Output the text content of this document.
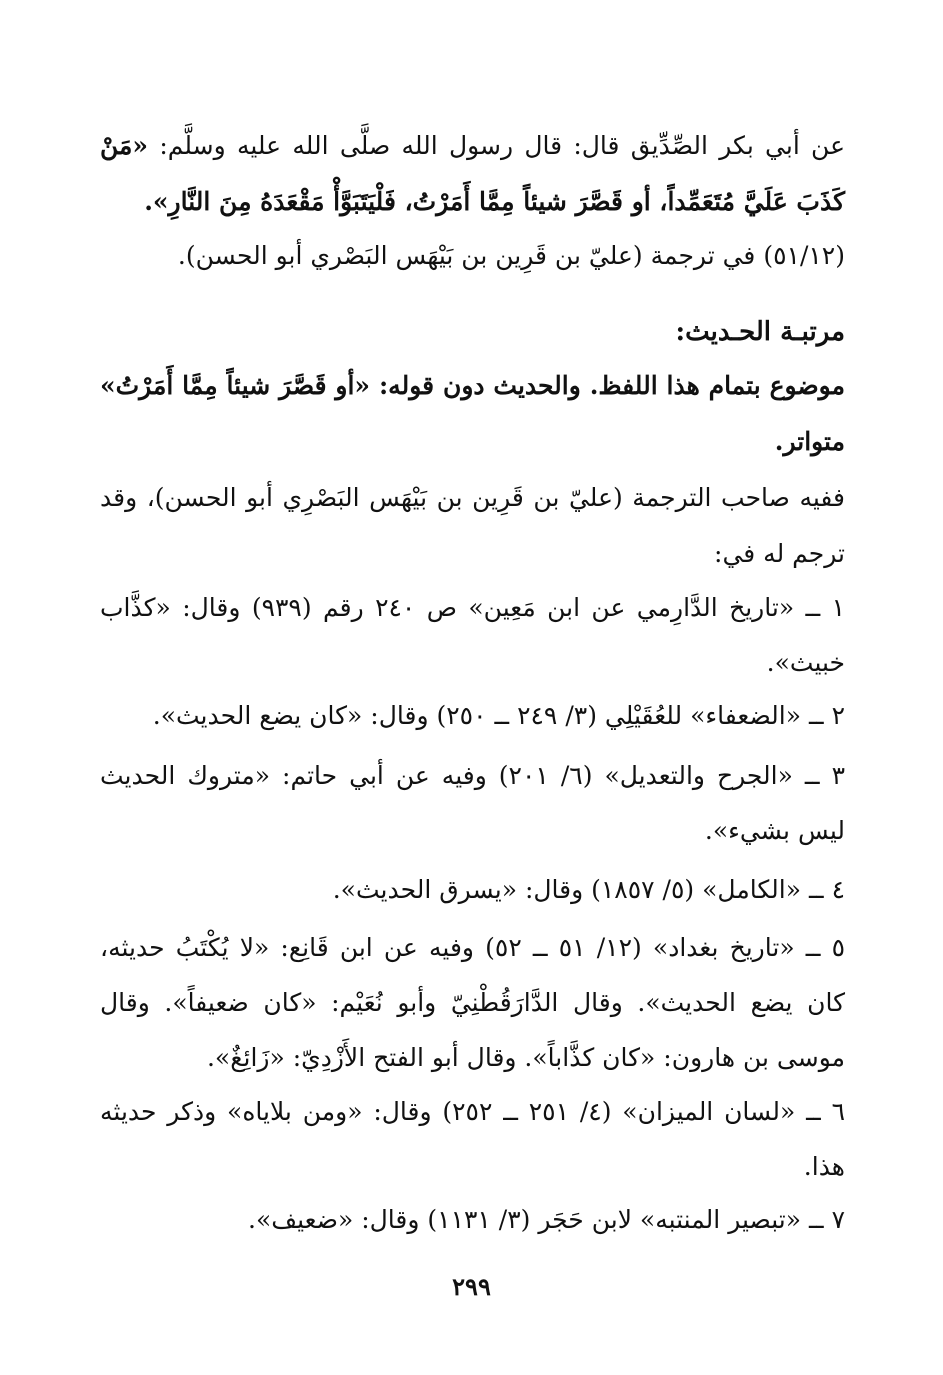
عن أبي بكر الصِّدِّيق قال: قال رسول الله صلَّى الله عليه وسلَّم: «مَنْ كَذَبَ عَلَيَّ مُتَعَمِّداً، أو قَصَّرَ شيئاً مِمَّا أَمَرْتُ، فَلْيَتَبَوَّأْ مَقْعَدَهُ مِنَ النَّارِ».
(٥١/١٢) في ترجمة (عليّ بن قَرِين بن بَيْهَس البَصْري أبو الحسن).
مرتبـة الحـديث:
موضوع بتمام هذا اللفظ. والحديث دون قوله: «أو قَصَّرَ شيئاً مِمَّا أَمَرْتُ» متواتر.
ففيه صاحب الترجمة (عليّ بن قَرِين بن بَيْهَس البَصْرِي أبو الحسن)، وقد ترجم له في:
١ ــ «تاريخ الدَّارِمي عن ابن مَعِين» ص ٢٤٠ رقم (٩٣٩) وقال: «كذَّاب خبيث».
٢ ــ «الضعفاء» للعُقَيْلِي (٣/ ٢٤٩ ــ ٢٥٠) وقال: «كان يضع الحديث».
٣ ــ «الجرح والتعديل» (٦/ ٢٠١) وفيه عن أبي حاتم: «متروك الحديث ليس بشيء».
٤ ــ «الكامل» (٥/ ١٨٥٧) وقال: «يسرق الحديث».
٥ ــ «تاريخ بغداد» (١٢/ ٥١ ــ ٥٢) وفيه عن ابن قَانِع: «لا يُكْتَبُ حديثه، كان يضع الحديث». وقال الدَّارَقُطْنِيّ وأبو نُعَيْم: «كان ضعيفاً». وقال موسى بن هارون: «كان كذَّاباً». وقال أبو الفتح الأَزْدِيّ: «زَائِغٌ».
٦ ــ «لسان الميزان» (٤/ ٢٥١ ــ ٢٥٢) وقال: «ومن بلاياه» وذكر حديثه هذا.
٧ ــ «تبصير المنتبه» لابن حَجَر (٣/ ١١٣١) وقال: «ضعيف».
٢٩٩
